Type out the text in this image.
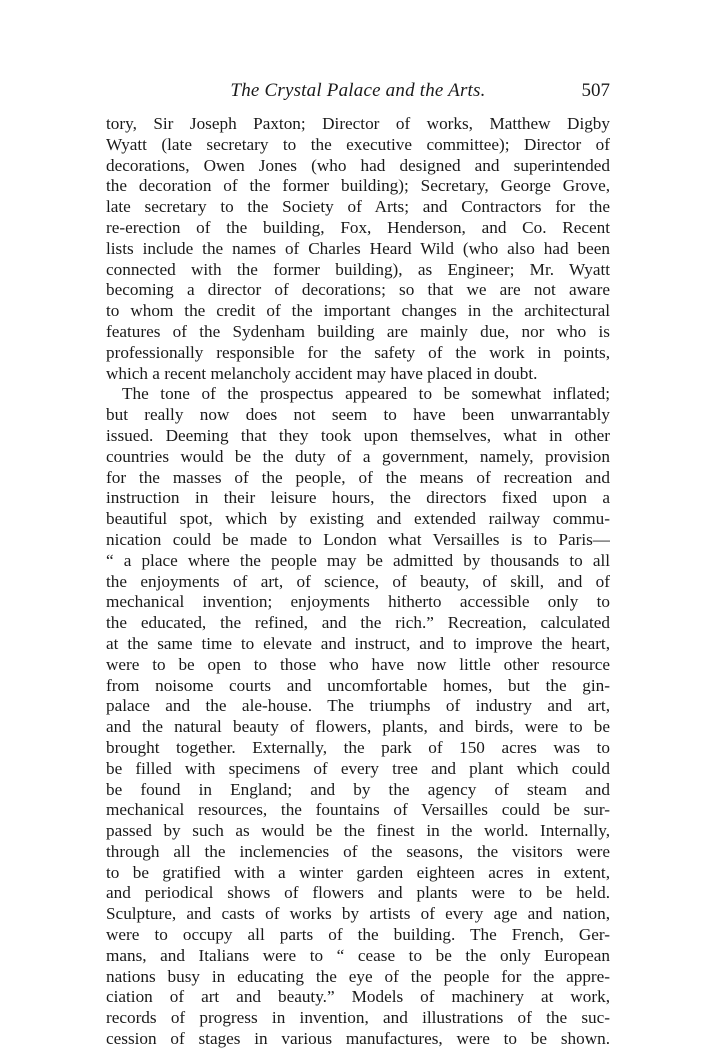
The Crystal Palace and the Arts.	507
tory, Sir Joseph Paxton; Director of works, Matthew Digby
Wyatt (late secretary to the executive committee); Director of
decorations, Owen Jones (who had designed and superintended
the decoration of the former building); Secretary, George Grove,
late secretary to the Society of Arts; and Contractors for the
re-erection of the building, Fox, Henderson, and Co. Recent
lists include the names of Charles Heard Wild (who also had been
connected with the former building), as Engineer; Mr. Wyatt
becoming a director of decorations; so that we are not aware
to whom the credit of the important changes in the architectural
features of the Sydenham building are mainly due, nor who is
professionally responsible for the safety of the work in points,
which a recent melancholy accident may have placed in doubt.
The tone of the prospectus appeared to be somewhat inflated;
but really now does not seem to have been unwarrantably
issued. Deeming that they took upon themselves, what in other
countries would be the duty of a government, namely, provision
for the masses of the people, of the means of recreation and
instruction in their leisure hours, the directors fixed upon a
beautiful spot, which by existing and extended railway commu-
nication could be made to London what Versailles is to Paris—
“ a place where the people may be admitted by thousands to all
the enjoyments of art, of science, of beauty, of skill, and of
mechanical invention; enjoyments hitherto accessible only to
the educated, the refined, and the rich.” Recreation, calculated
at the same time to elevate and instruct, and to improve the heart,
were to be open to those who have now little other resource
from noisome courts and uncomfortable homes, but the gin-
palace and the ale-house. The triumphs of industry and art,
and the natural beauty of flowers, plants, and birds, were to be
brought together. Externally, the park of 150 acres was to
be filled with specimens of every tree and plant which could
be found in England; and by the agency of steam and
mechanical resources, the fountains of Versailles could be sur-
passed by such as would be the finest in the world. Internally,
through all the inclemencies of the seasons, the visitors were
to be gratified with a winter garden eighteen acres in extent,
and periodical shows of flowers and plants were to be held.
Sculpture, and casts of works by artists of every age and nation,
were to occupy all parts of the building. The French, Ger-
mans, and Italians were to “ cease to be the only European
nations busy in educating the eye of the people for the appre-
ciation of art and beauty.” Models of machinery at work,
records of progress in invention, and illustrations of the suc-
cession of stages in various manufactures, were to be shown.
